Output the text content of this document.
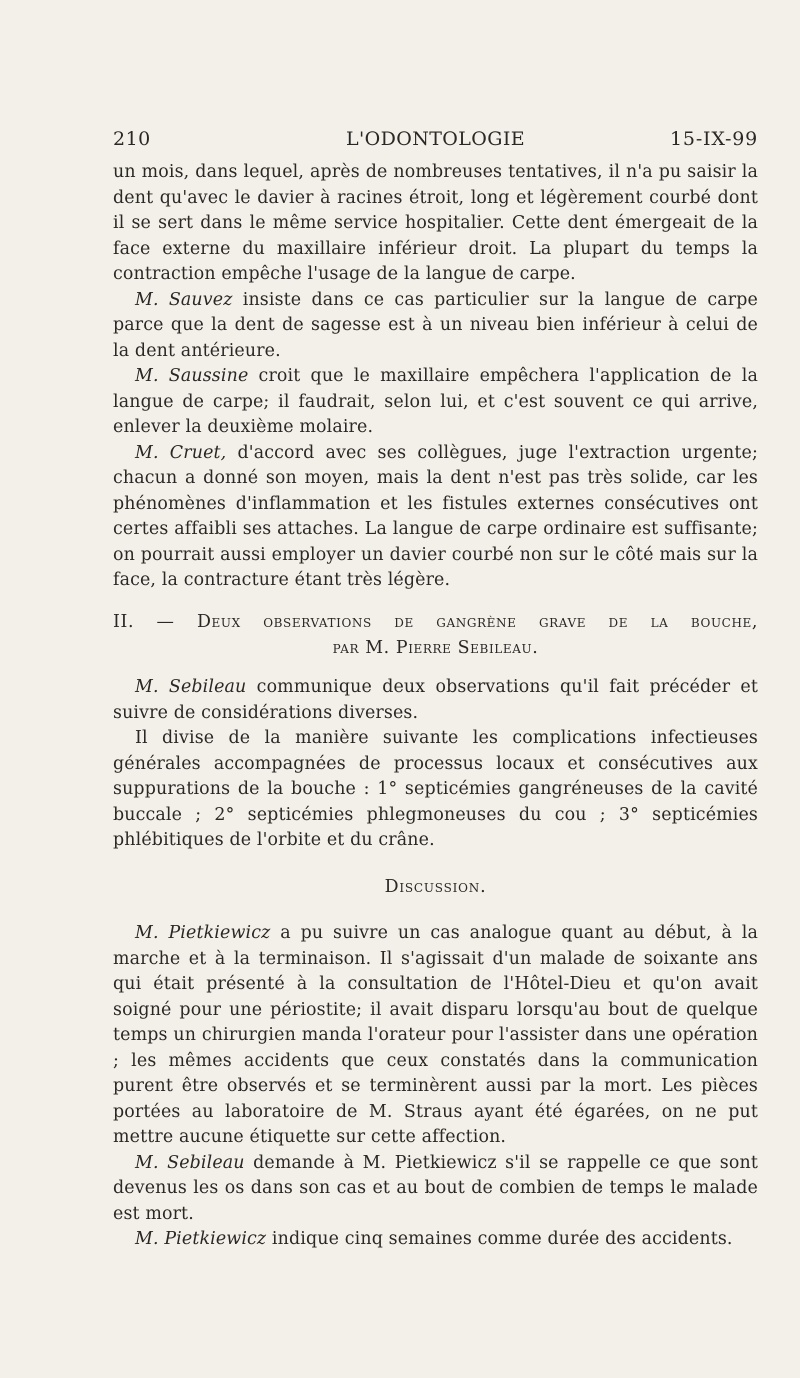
210	L'ODONTOLOGIE	15-IX-99

un mois, dans lequel, après de nombreuses tentatives, il n'a pu saisir la dent qu'avec le davier à racines étroit, long et légèrement courbé dont il se sert dans le même service hospitalier. Cette dent émergeait de la face externe du maxillaire inférieur droit. La plupart du temps la contraction empêche l'usage de la langue de carpe.

M. Sauvez insiste dans ce cas particulier sur la langue de carpe parce que la dent de sagesse est à un niveau bien inférieur à celui de la dent antérieure.

M. Saussine croit que le maxillaire empêchera l'application de la langue de carpe; il faudrait, selon lui, et c'est souvent ce qui arrive, enlever la deuxième molaire.

M. Cruet, d'accord avec ses collègues, juge l'extraction urgente; chacun a donné son moyen, mais la dent n'est pas très solide, car les phénomènes d'inflammation et les fistules externes consécutives ont certes affaibli ses attaches. La langue de carpe ordinaire est suffisante; on pourrait aussi employer un davier courbé non sur le côté mais sur la face, la contracture étant très légère.

II. — Deux observations de gangrène grave de la bouche,
par M. Pierre Sebileau.

M. Sebileau communique deux observations qu'il fait précéder et suivre de considérations diverses.

Il divise de la manière suivante les complications infectieuses générales accompagnées de processus locaux et consécutives aux suppurations de la bouche : 1° septicémies gangréneuses de la cavité buccale ; 2° septicémies phlegmoneuses du cou ; 3° septicémies phlébitiques de l'orbite et du crâne.

Discussion.

M. Pietkiewicz a pu suivre un cas analogue quant au début, à la marche et à la terminaison. Il s'agissait d'un malade de soixante ans qui était présenté à la consultation de l'Hôtel-Dieu et qu'on avait soigné pour une périostite; il avait disparu lorsqu'au bout de quelque temps un chirurgien manda l'orateur pour l'assister dans une opération ; les mêmes accidents que ceux constatés dans la communication purent être observés et se terminèrent aussi par la mort. Les pièces portées au laboratoire de M. Straus ayant été égarées, on ne put mettre aucune étiquette sur cette affection.

M. Sebileau demande à M. Pietkiewicz s'il se rappelle ce que sont devenus les os dans son cas et au bout de combien de temps le malade est mort.

M. Pietkiewicz indique cinq semaines comme durée des accidents.
